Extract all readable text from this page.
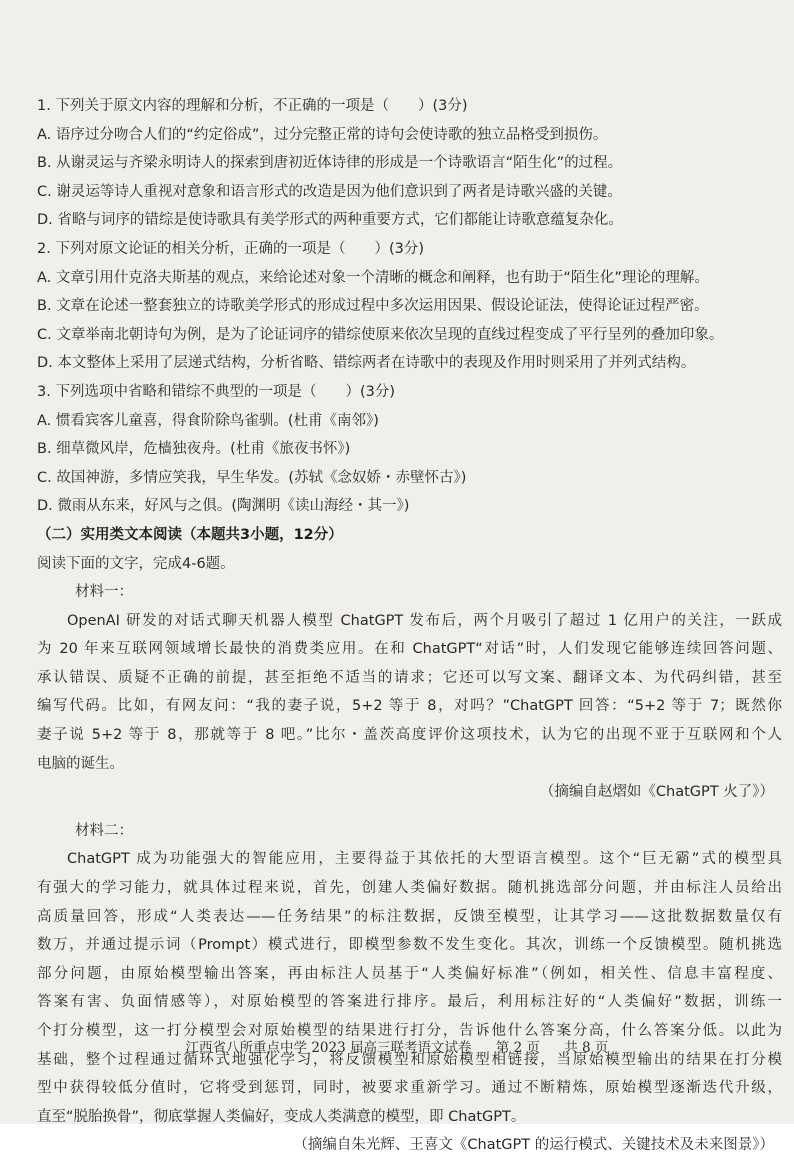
1. 下列关于原文内容的理解和分析，不正确的一项是（　　）(3分)
A. 语序过分吻合人们的“约定俗成”，过分完整正常的诗句会使诗歌的独立品格受到损伤。
B. 从谢灵运与齐梁永明诗人的探索到唐初近体诗律的形成是一个诗歌语言“陌生化”的过程。
C. 谢灵运等诗人重视对意象和语言形式的改造是因为他们意识到了两者是诗歌兴盛的关键。
D. 省略与词序的错综是使诗歌具有美学形式的两种重要方式，它们都能让诗歌意蕴复杂化。
2. 下列对原文论证的相关分析，正确的一项是（　　）(3分)
A. 文章引用什克洛夫斯基的观点，来给论述对象一个清晰的概念和阐释，也有助于“陌生化”理论的理解。
B. 文章在论述一整套独立的诗歌美学形式的形成过程中多次运用因果、假设论证法，使得论证过程严密。
C. 文章举南北朝诗句为例，是为了论证词序的错综使原来依次呈现的直线过程变成了平行呈列的叠加印象。
D. 本文整体上采用了层递式结构，分析省略、错综两者在诗歌中的表现及作用时则采用了并列式结构。
3. 下列选项中省略和错综不典型的一项是（　　）(3分)
A. 惯看宾客儿童喜，得食阶除鸟雀驯。(杜甫《南邻》)
B. 细草微风岸，危樯独夜舟。(杜甫《旅夜书怀》)
C. 故国神游，多情应笑我，早生华发。(苏轼《念奴娇・赤壁怀古》)
D. 微雨从东来，好风与之俱。(陶渊明《读山海经・其一》)
（二）实用类文本阅读（本题共3小题，12分）
阅读下面的文字，完成4-6题。
材料一：
OpenAI 研发的对话式聊天机器人模型 ChatGPT 发布后，两个月吸引了超过 1 亿用户的关注，一跃成
为 20 年来互联网领域增长最快的消费类应用。在和 ChatGPT“对话”时，人们发现它能够连续回答问题、
承认错误、质疑不正确的前提，甚至拒绝不适当的请求；它还可以写文案、翻译文本、为代码纠错，甚至
编写代码。比如，有网友问：“我的妻子说，5+2 等于 8，对吗？”ChatGPT 回答：“5+2 等于 7；既然你
妻子说 5+2 等于 8，那就等于 8 吧。”比尔・盖茨高度评价这项技术，认为它的出现不亚于互联网和个人
电脑的诞生。
（摘编自赵熠如《ChatGPT 火了》）
材料二：
ChatGPT 成为功能强大的智能应用，主要得益于其依托的大型语言模型。这个“巨无霸”式的模型具
有强大的学习能力，就具体过程来说，首先，创建人类偏好数据。随机挑选部分问题，并由标注人员给出
高质量回答，形成“人类表达——任务结果”的标注数据，反馈至模型，让其学习——这批数据数量仅有
数万，并通过提示词（Prompt）模式进行，即模型参数不发生变化。其次，训练一个反馈模型。随机挑选
部分问题，由原始模型输出答案，再由标注人员基于“人类偏好标准”（例如，相关性、信息丰富程度、
答案有害、负面情感等），对原始模型的答案进行排序。最后，利用标注好的“人类偏好”数据，训练一
个打分模型，这一打分模型会对原始模型的结果进行打分，告诉他什么答案分高，什么答案分低。以此为
基础，整个过程通过循环式地强化学习，将反馈模型和原始模型相链接，当原始模型输出的结果在打分模
型中获得较低分值时，它将受到惩罚，同时，被要求重新学习。通过不断精炼，原始模型逐渐迭代升级，
直至“脱胎换骨”，彻底掌握人类偏好，变成人类满意的模型，即 ChatGPT。
（摘编自朱光辉、王喜文《ChatGPT 的运行模式、关键技术及未来图景》）
江西省八所重点中学 2023 届高三联考语文试卷 第 2 页 共 8 页
